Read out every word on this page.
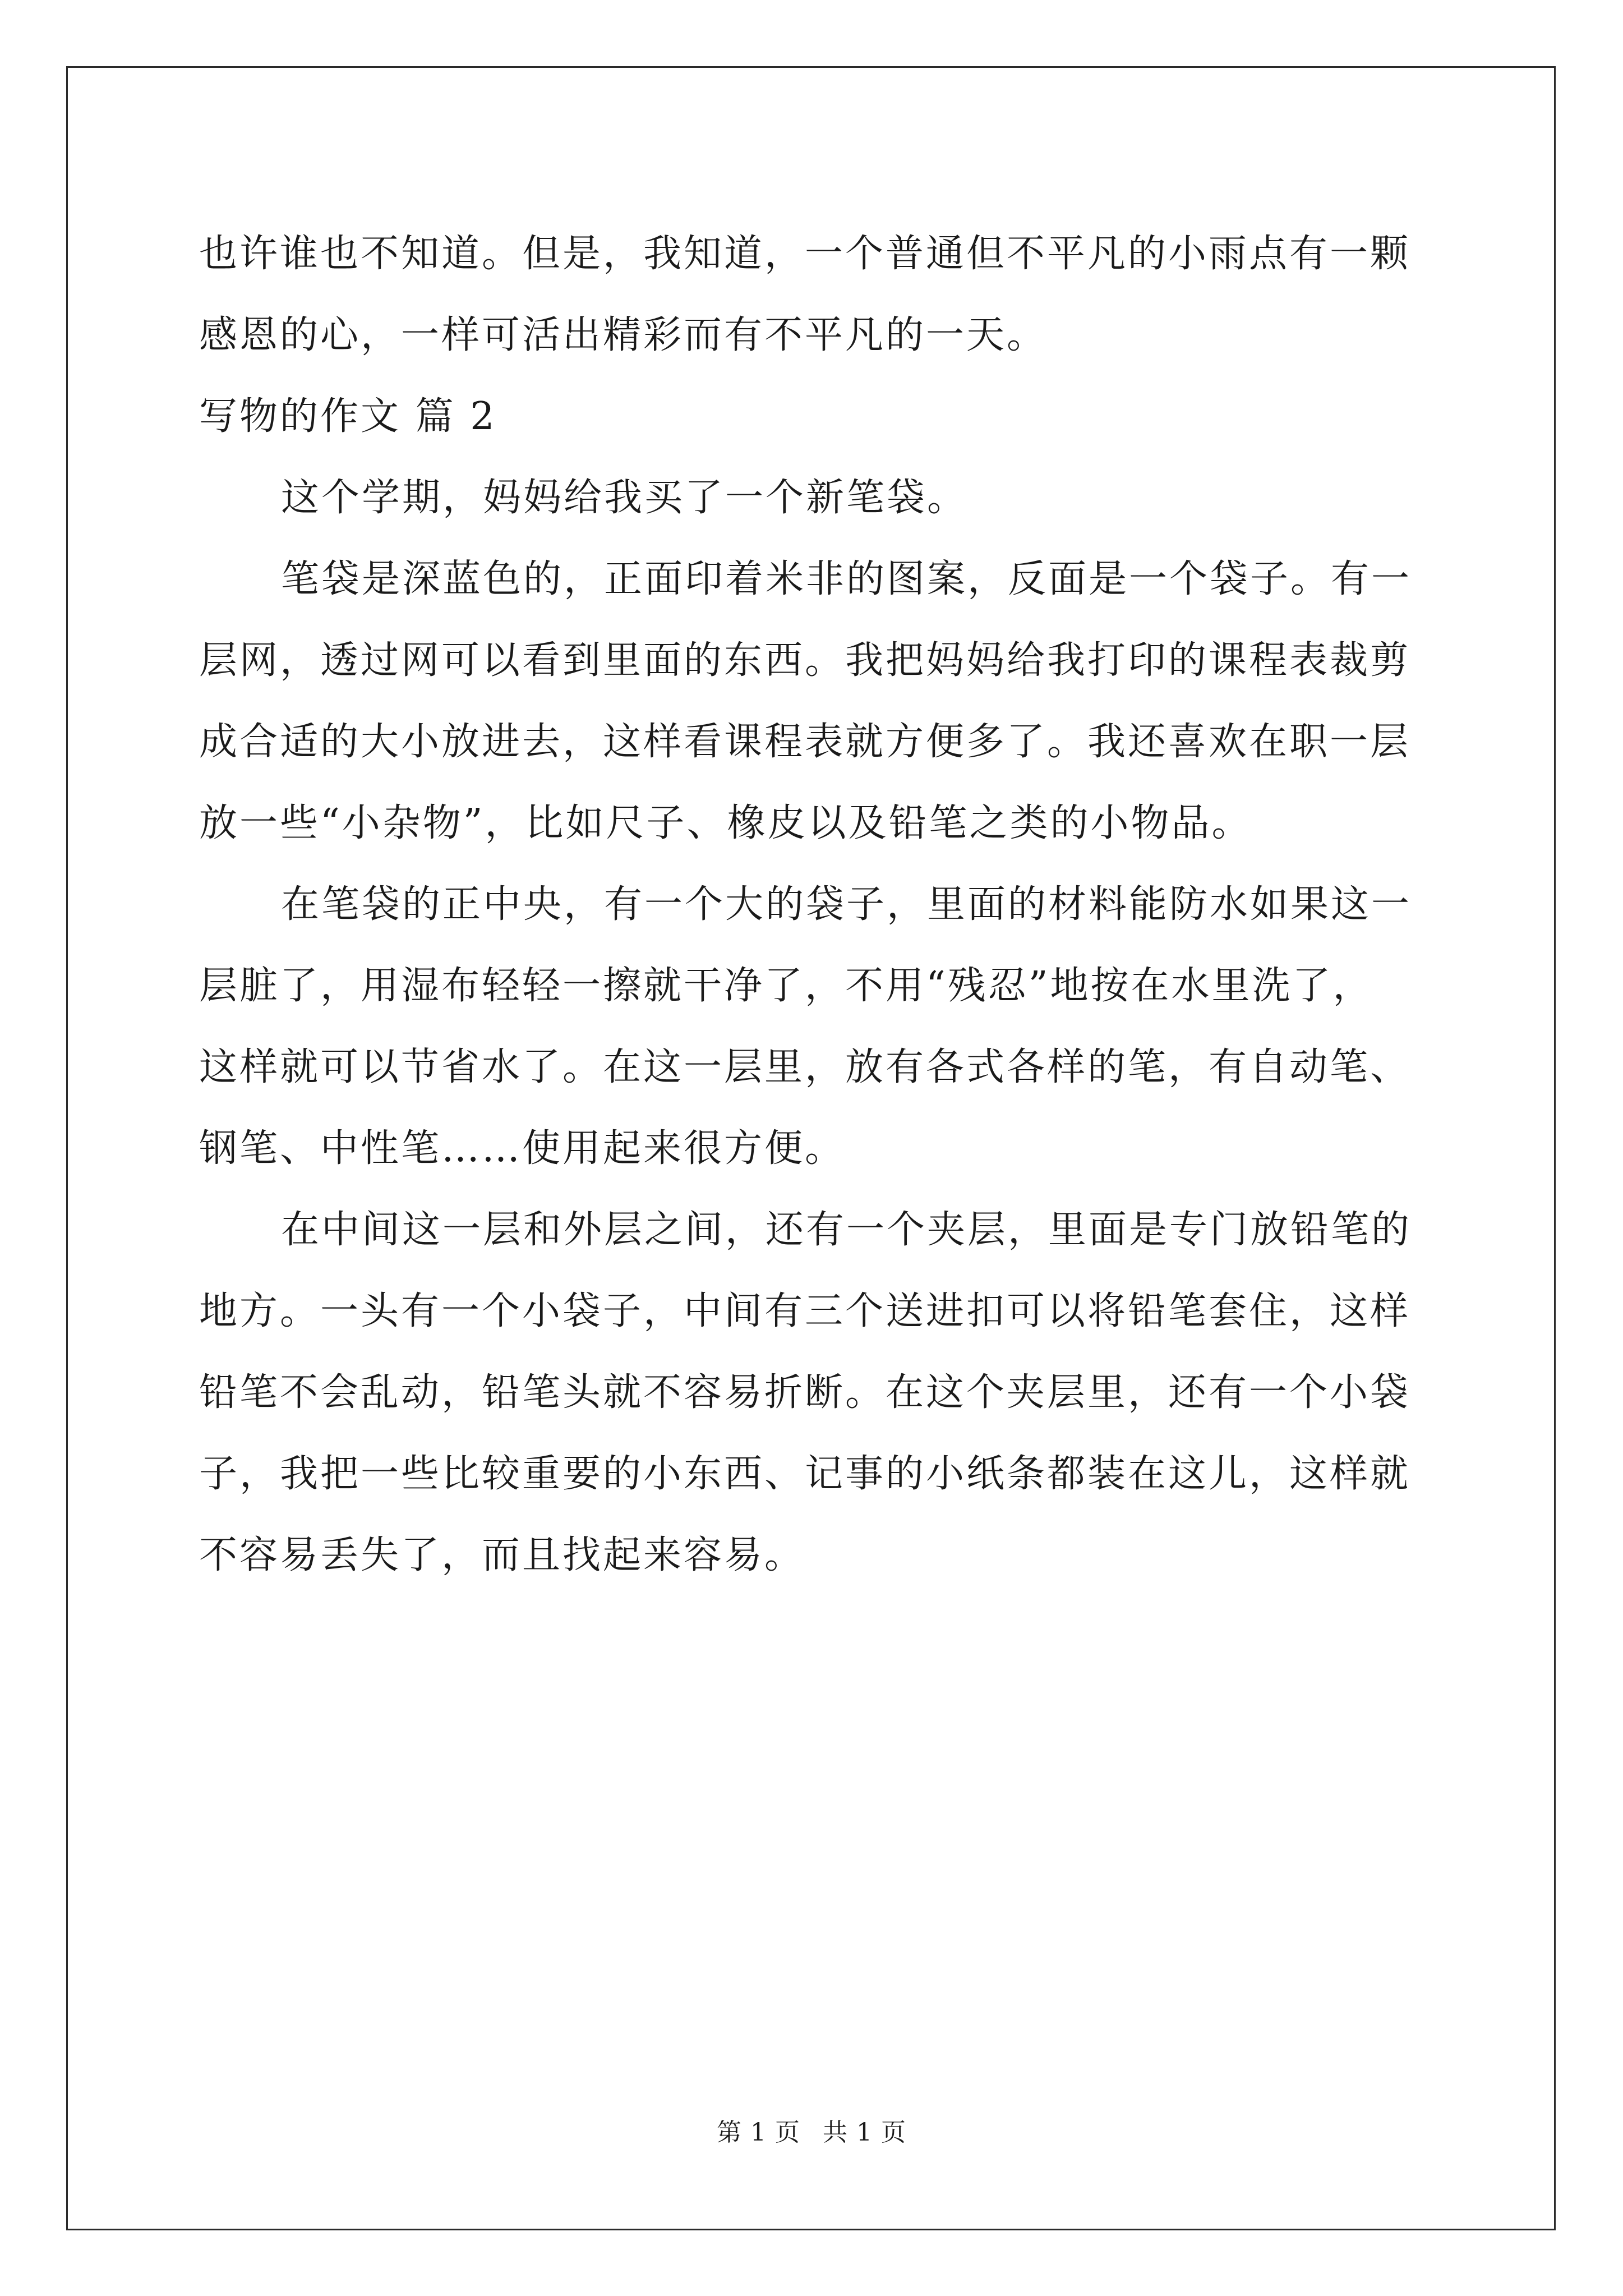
也许谁也不知道。但是，我知道，一个普通但不平凡的小雨点有一颗
感恩的心，一样可活出精彩而有不平凡的一天。
写物的作文 篇 2
这个学期，妈妈给我买了一个新笔袋。
笔袋是深蓝色的，正面印着米非的图案，反面是一个袋子。有一
层网，透过网可以看到里面的东西。我把妈妈给我打印的课程表裁剪
成合适的大小放进去，这样看课程表就方便多了。我还喜欢在职一层
放一些“小杂物”，比如尺子、橡皮以及铅笔之类的小物品。
在笔袋的正中央，有一个大的袋子，里面的材料能防水如果这一
层脏了，用湿布轻轻一擦就干净了，不用“残忍”地按在水里洗了，
这样就可以节省水了。在这一层里，放有各式各样的笔，有自动笔、
钢笔、中性笔……使用起来很方便。
在中间这一层和外层之间，还有一个夹层，里面是专门放铅笔的
地方。一头有一个小袋子，中间有三个送进扣可以将铅笔套住，这样
铅笔不会乱动，铅笔头就不容易折断。在这个夹层里，还有一个小袋
子，我把一些比较重要的小东西、记事的小纸条都装在这儿，这样就
不容易丢失了，而且找起来容易。
第 1 页 共 1 页
